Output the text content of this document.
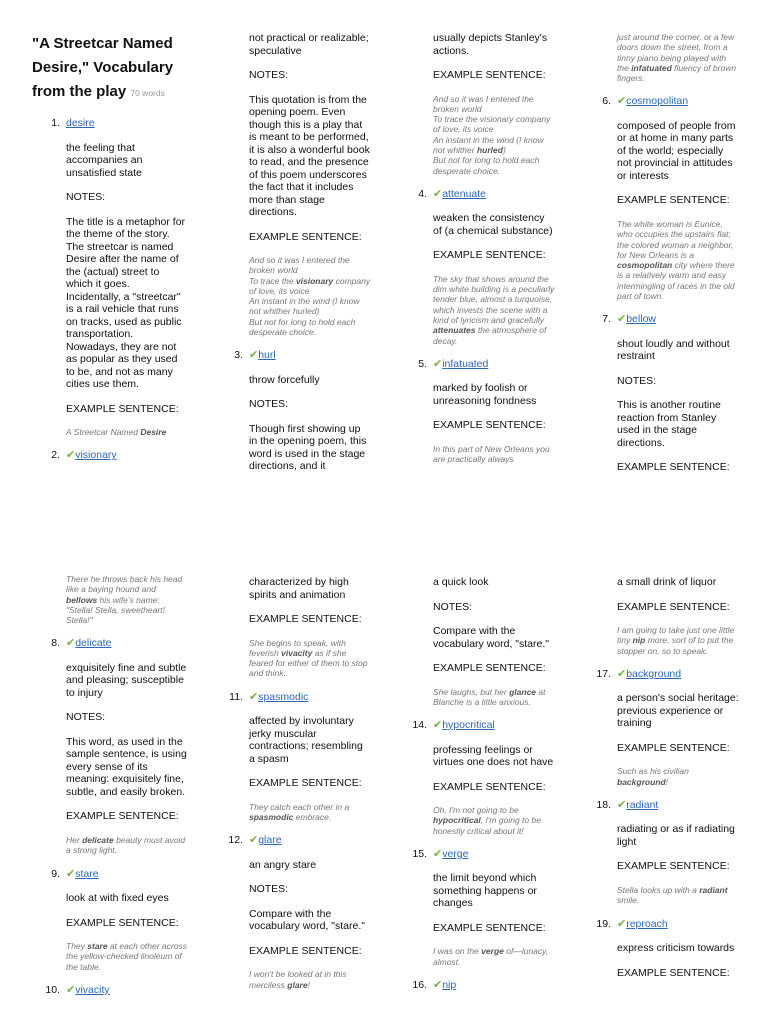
"A Streetcar Named Desire," Vocabulary from the play 70 words
1. desire

the feeling that accompanies an unsatisfied state

NOTES:

The title is a metaphor for the theme of the story. The streetcar is named Desire after the name of the (actual) street to which it goes. Incidentally, a "streetcar" is a rail vehicle that runs on tracks, used as public transportation. Nowadays, they are not as popular as they used to be, and not as many cities use them.

EXAMPLE SENTENCE:

A Streetcar Named Desire

2. ✔visionary

not practical or realizable; speculative

NOTES:

This quotation is from the opening poem. Even though this is a play that is meant to be performed, it is also a wonderful book to read, and the presence of this poem underscores the fact that it includes more than stage directions.

EXAMPLE SENTENCE:

And so it was I entered the broken world
To trace the visionary company of love, its voice
An instant in the wind (I know not whither hurled)
But not for long to hold each desperate choice.

3. ✔hurl

throw forcefully

NOTES:

Though first showing up in the opening poem, this word is used in the stage directions, and it

usually depicts Stanley's actions.

EXAMPLE SENTENCE:

And so it was I entered the broken world
To trace the visionary company of love, its voice
An instant in the wind (I know not whither hurled)
But not for long to hold each desperate choice.

4. ✔attenuate

weaken the consistency of (a chemical substance)

EXAMPLE SENTENCE:

The sky that shows around the dim white building is a peculiarly tender blue, almost a turquoise, which invests the scene with a kind of lyricism and gracefully attenuates the atmosphere of decay.

5. ✔infatuated

marked by foolish or unreasoning fondness

EXAMPLE SENTENCE:

In this part of New Orleans you are practically always

just around the corner, or a few doors down the street, from a tinny piano being played with the infatuated fluency of brown fingers.

6. ✔cosmopolitan

composed of people from or at home in many parts of the world; especially not provincial in attitudes or interests

EXAMPLE SENTENCE:

The white woman is Eunice, who occupies the upstairs flat; the colored woman a neighbor, for New Orleans is a cosmopolitan city where there is a relatively warm and easy intermingling of races in the old part of town.

7. ✔bellow

shout loudly and without restraint

NOTES:

This is another routine reaction from Stanley used in the stage directions.

EXAMPLE SENTENCE:

There he throws back his head like a baying hound and bellows his wife's name: "Stella! Stella, sweetheart! Stella!"

8. ✔delicate

exquisitely fine and subtle and pleasing; susceptible to injury

NOTES:

This word, as used in the sample sentence, is using every sense of its meaning: exquisitely fine, subtle, and easily broken.

EXAMPLE SENTENCE:

Her delicate beauty must avoid a strong light.

9. ✔stare

look at with fixed eyes

EXAMPLE SENTENCE:

They stare at each other across the yellow-checked linoleum of the table.

10. ✔vivacity

characterized by high spirits and animation

EXAMPLE SENTENCE:

She begins to speak, with feverish vivacity as if she feared for either of them to stop and think..

11. ✔spasmodic

affected by involuntary jerky muscular contractions; resembling a spasm

EXAMPLE SENTENCE:

They catch each other in a spasmodic embrace.

12. ✔glare

an angry stare

NOTES:

Compare with the vocabulary word, "stare."

EXAMPLE SENTENCE:

I won't be looked at in this merciless glare!

a quick look

NOTES:

Compare with the vocabulary word, "stare."

EXAMPLE SENTENCE:

She laughs, but her glance at Blanche is a little anxious.

14. ✔hypocritical

professing feelings or virtues one does not have

EXAMPLE SENTENCE:

Oh, I'm not going to be hypocritical, I'm going to be honestly critical about it!

15. ✔verge

the limit beyond which something happens or changes

EXAMPLE SENTENCE:

I was on the verge of—lunacy, almost.

16. ✔nip

a small drink of liquor

EXAMPLE SENTENCE:

I am going to take just one little tiny nip more, sort of to put the stopper on, so to speak.

17. ✔background

a person's social heritage: previous experience or training

EXAMPLE SENTENCE:

Such as his civilian background!

18. ✔radiant

radiating or as if radiating light

EXAMPLE SENTENCE:

Stella looks up with a radiant smile.

19. ✔reproach

express criticism towards

EXAMPLE SENTENCE:
